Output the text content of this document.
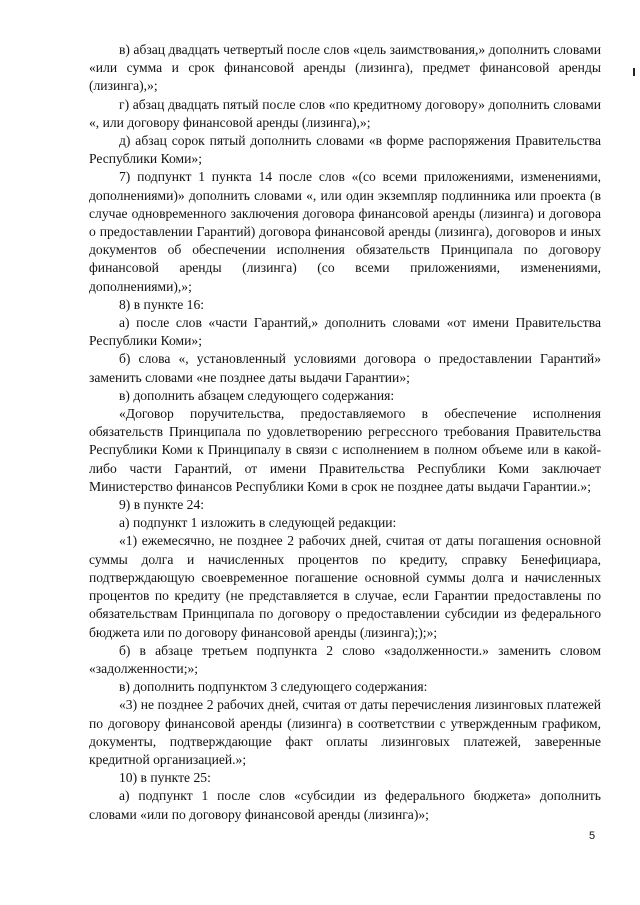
в) абзац двадцать четвертый после слов «цель заимствования,» дополнить словами «или сумма и срок финансовой аренды (лизинга), предмет финансовой аренды (лизинга),»;

г) абзац двадцать пятый после слов «по кредитному договору» дополнить словами «, или договору финансовой аренды (лизинга),»;

д) абзац сорок пятый дополнить словами «в форме распоряжения Правительства Республики Коми»;

7) подпункт 1 пункта 14 после слов «(со всеми приложениями, изменениями, дополнениями)» дополнить словами «, или один экземпляр подлинника или проекта (в случае одновременного заключения договора финансовой аренды (лизинга) и договора о предоставлении Гарантий) договора финансовой аренды (лизинга), договоров и иных документов об обеспечении исполнения обязательств Принципала по договору финансовой аренды (лизинга) (со всеми приложениями, изменениями, дополнениями),»;

8) в пункте 16:

а) после слов «части Гарантий,» дополнить словами «от имени Правительства Республики Коми»;

б) слова «, установленный условиями договора о предоставлении Гарантий» заменить словами «не позднее даты выдачи Гарантии»;

в) дополнить абзацем следующего содержания:

«Договор поручительства, предоставляемого в обеспечение исполнения обязательств Принципала по удовлетворению регрессного требования Правительства Республики Коми к Принципалу в связи с исполнением в полном объеме или в какой-либо части Гарантий, от имени Правительства Республики Коми заключает Министерство финансов Республики Коми в срок не позднее даты выдачи Гарантии.»;

9) в пункте 24:

а) подпункт 1 изложить в следующей редакции:

«1) ежемесячно, не позднее 2 рабочих дней, считая от даты погашения основной суммы долга и начисленных процентов по кредиту, справку Бенефициара, подтверждающую своевременное погашение основной суммы долга и начисленных процентов по кредиту (не представляется в случае, если Гарантии предоставлены по обязательствам Принципала по договору о предоставлении субсидии из федерального бюджета или по договору финансовой аренды (лизинга););»;

б) в абзаце третьем подпункта 2 слово «задолженности.» заменить словом «задолженности;»;

в) дополнить подпунктом 3 следующего содержания:

«3) не позднее 2 рабочих дней, считая от даты перечисления лизинговых платежей по договору финансовой аренды (лизинга) в соответствии с утвержденным графиком, документы, подтверждающие факт оплаты лизинговых платежей, заверенные кредитной организацией.»;

10) в пункте 25:

а) подпункт 1 после слов «субсидии из федерального бюджета» дополнить словами «или по договору финансовой аренды (лизинга)»;

5
